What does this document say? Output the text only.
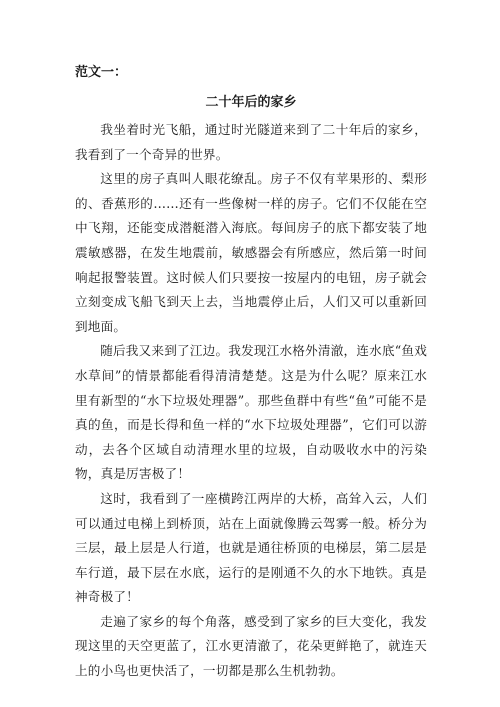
范文一：
二十年后的家乡

我坐着时光飞船，通过时光隧道来到了二十年后的家乡，我看到了一个奇异的世界。

这里的房子真叫人眼花缭乱。房子不仅有苹果形的、梨形的、香蕉形的……还有一些像树一样的房子。它们不仅能在空中飞翔，还能变成潜艇潜入海底。每间房子的底下都安装了地震敏感器，在发生地震前，敏感器会有所感应，然后第一时间响起报警装置。这时候人们只要按一按屋内的电钮，房子就会立刻变成飞船飞到天上去，当地震停止后，人们又可以重新回到地面。

随后我又来到了江边。我发现江水格外清澈，连水底“鱼戏水草间”的情景都能看得清清楚楚。这是为什么呢？原来江水里有新型的“水下垃圾处理器”。那些鱼群中有些“鱼”可能不是真的鱼，而是长得和鱼一样的“水下垃圾处理器”，它们可以游动，去各个区域自动清理水里的垃圾，自动吸收水中的污染物，真是厉害极了！

这时，我看到了一座横跨江两岸的大桥，高耸入云，人们可以通过电梯上到桥顶，站在上面就像腾云驾雾一般。桥分为三层，最上层是人行道，也就是通往桥顶的电梯层，第二层是车行道，最下层在水底，运行的是刚通不久的水下地铁。真是神奇极了！

走遍了家乡的每个角落，感受到了家乡的巨大变化，我发现这里的天空更蓝了，江水更清澈了，花朵更鲜艳了，就连天上的小鸟也更快活了，一切都是那么生机勃勃。
